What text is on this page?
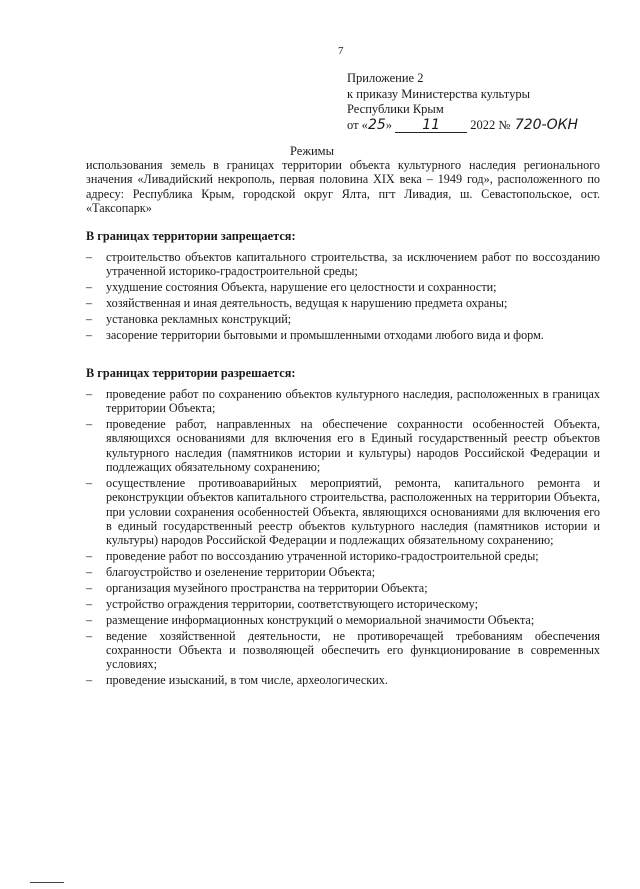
7
Приложение 2
к приказу Министерства культуры
Республики Крым
от «25» 11 2022 № 720-ОКН
Режимы
использования земель в границах территории объекта культурного наследия регионального значения «Ливадийский некрополь, первая половина XIX века – 1949 год», расположенного по адресу: Республика Крым, городской округ Ялта, пгт Ливадия, ш. Севастопольское, ост. «Таксопарк»
В границах территории запрещается:
– строительство объектов капитального строительства, за исключением работ по воссозданию утраченной историко-градостроительной среды;
– ухудшение состояния Объекта, нарушение его целостности и сохранности;
– хозяйственная и иная деятельность, ведущая к нарушению предмета охраны;
– установка рекламных конструкций;
– засорение территории бытовыми и промышленными отходами любого вида и форм.
В границах территории разрешается:
– проведение работ по сохранению объектов культурного наследия, расположенных в границах территории Объекта;
– проведение работ, направленных на обеспечение сохранности особенностей Объекта, являющихся основаниями для включения его в Единый государственный реестр объектов культурного наследия (памятников истории и культуры) народов Российской Федерации и подлежащих обязательному сохранению;
– осуществление противоаварийных мероприятий, ремонта, капитального ремонта и реконструкции объектов капитального строительства, расположенных на территории Объекта, при условии сохранения особенностей Объекта, являющихся основаниями для включения его в единый государственный реестр объектов культурного наследия (памятников истории и культуры) народов Российской Федерации и подлежащих обязательному сохранению;
– проведение работ по воссозданию утраченной историко-градостроительной среды;
– благоустройство и озеленение территории Объекта;
– организация музейного пространства на территории Объекта;
– устройство ограждения территории, соответствующего историческому;
– размещение информационных конструкций о мемориальной значимости Объекта;
– ведение хозяйственной деятельности, не противоречащей требованиям обеспечения сохранности Объекта и позволяющей обеспечить его функционирование в современных условиях;
– проведение изысканий, в том числе, археологических.
